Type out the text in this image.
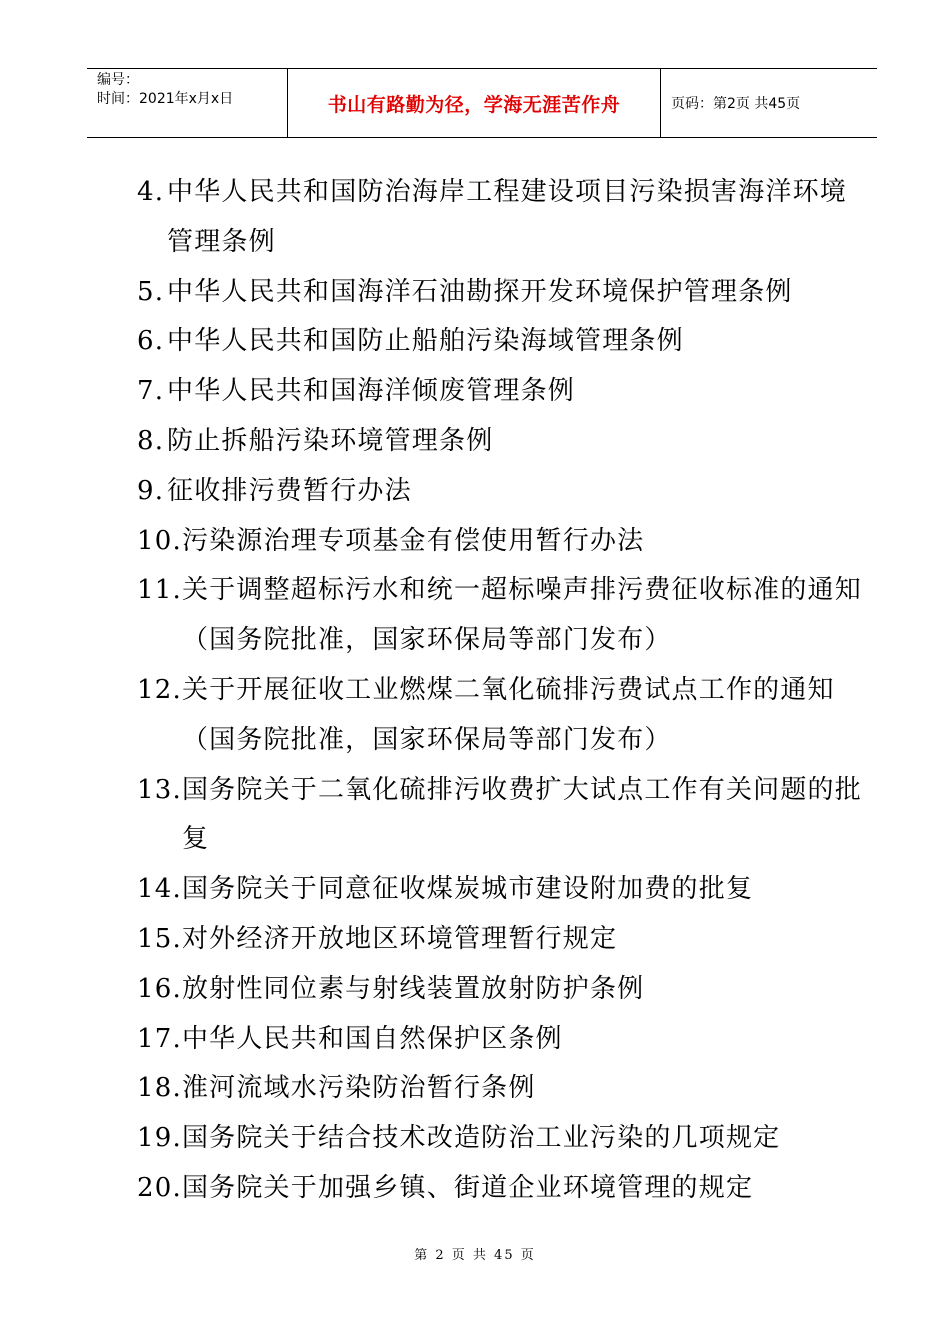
编号：
时间：2021年x月x日	书山有路勤为径，学海无涯苦作舟	页码：第2页 共45页
4. 中华人民共和国防治海岸工程建设项目污染损害海洋环境管理条例
5. 中华人民共和国海洋石油勘探开发环境保护管理条例
6. 中华人民共和国防止船舶污染海域管理条例
7. 中华人民共和国海洋倾废管理条例
8. 防止拆船污染环境管理条例
9. 征收排污费暂行办法
10. 污染源治理专项基金有偿使用暂行办法
11. 关于调整超标污水和统一超标噪声排污费征收标准的通知（国务院批准，国家环保局等部门发布）
12. 关于开展征收工业燃煤二氧化硫排污费试点工作的通知（国务院批准，国家环保局等部门发布）
13. 国务院关于二氧化硫排污收费扩大试点工作有关问题的批复
14. 国务院关于同意征收煤炭城市建设附加费的批复
15. 对外经济开放地区环境管理暂行规定
16. 放射性同位素与射线装置放射防护条例
17. 中华人民共和国自然保护区条例
18. 淮河流域水污染防治暂行条例
19. 国务院关于结合技术改造防治工业污染的几项规定
20. 国务院关于加强乡镇、街道企业环境管理的规定
第 2 页 共 45 页
